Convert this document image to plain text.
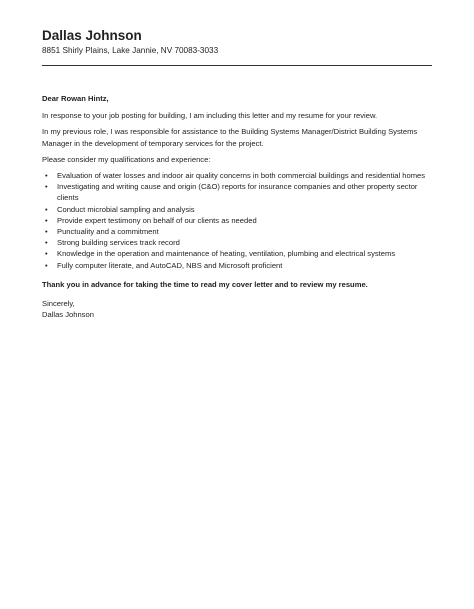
Dallas Johnson
8851 Shirly Plains, Lake Jannie, NV 70083-3033

Dear Rowan Hintz,

In response to your job posting for building, I am including this letter and my resume for your review.

In my previous role, I was responsible for assistance to the Building Systems Manager/District Building Systems Manager in the development of temporary services for the project.

Please consider my qualifications and experience:

• Evaluation of water losses and indoor air quality concerns in both commercial buildings and residential homes
• Investigating and writing cause and origin (C&O) reports for insurance companies and other property sector clients
• Conduct microbial sampling and analysis
• Provide expert testimony on behalf of our clients as needed
• Punctuality and a commitment
• Strong building services track record
• Knowledge in the operation and maintenance of heating, ventilation, plumbing and electrical systems
• Fully computer literate, and AutoCAD, NBS and Microsoft proficient

Thank you in advance for taking the time to read my cover letter and to review my resume.

Sincerely,

Dallas Johnson
